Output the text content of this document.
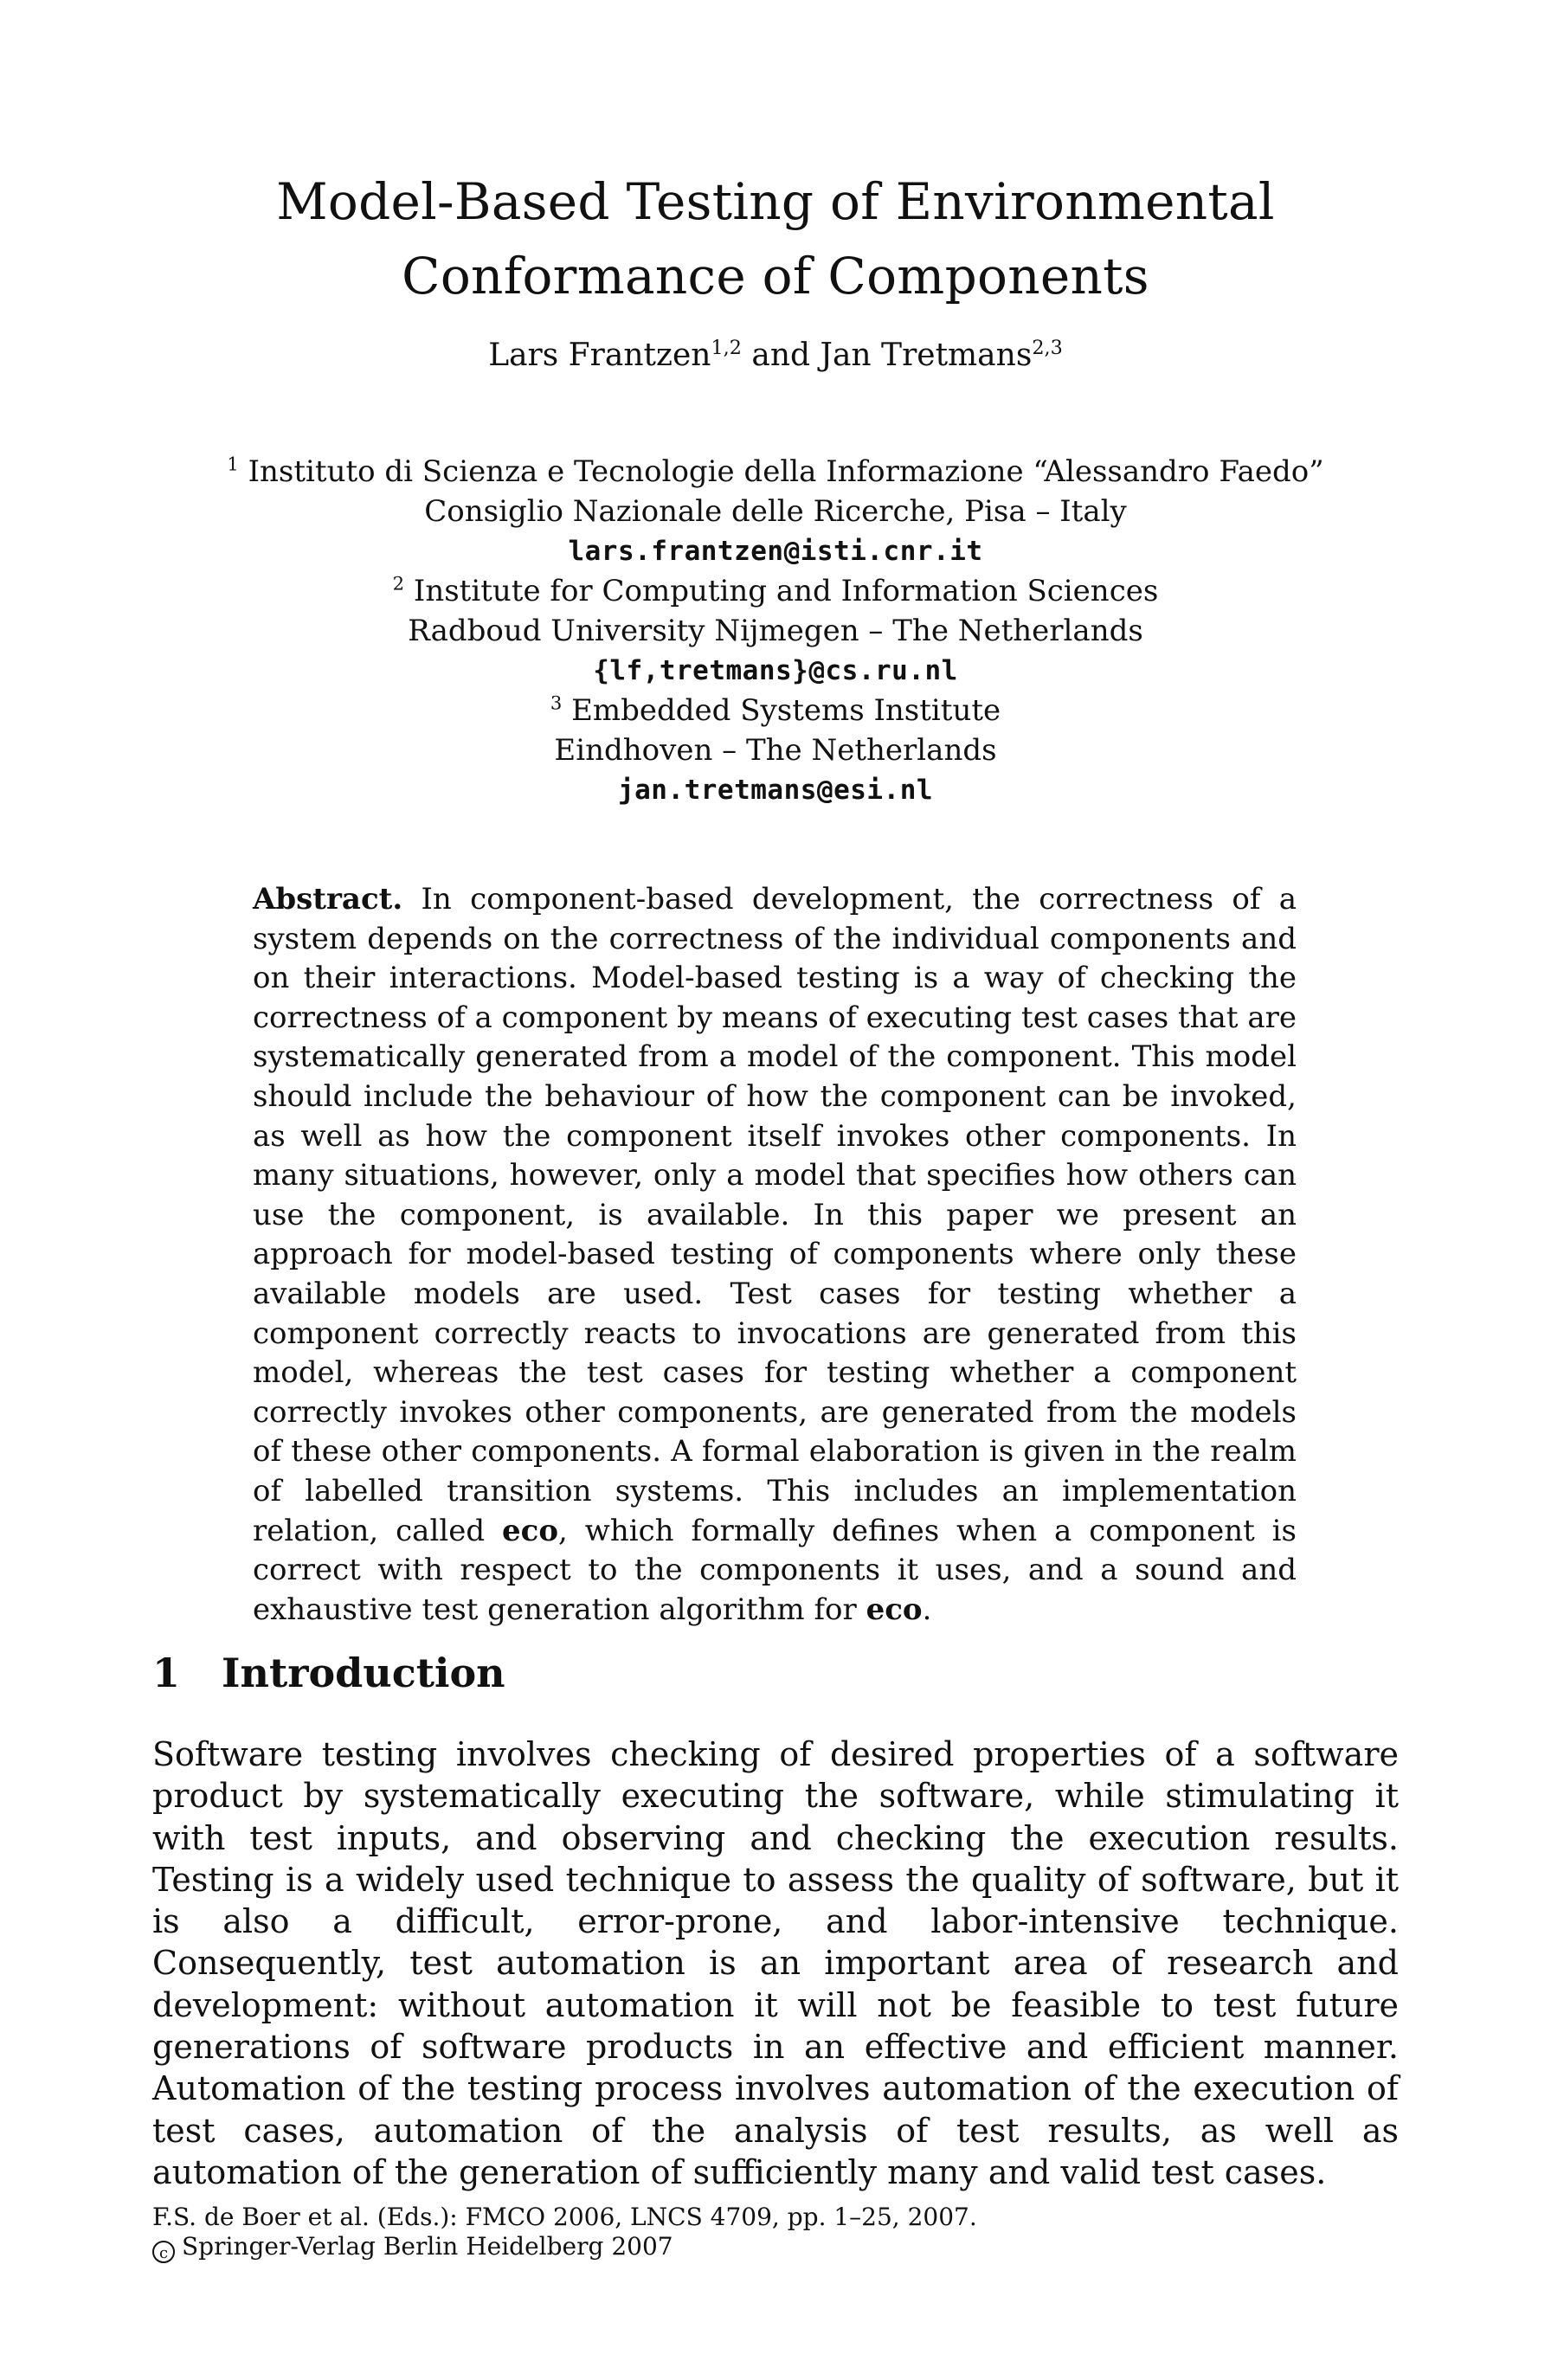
Model-Based Testing of Environmental
Conformance of Components
Lars Frantzen$^{1,2}$ and Jan Tretmans$^{2,3}$
$^1$ Instituto di Scienza e Tecnologie della Informazione “Alessandro Faedo”
Consiglio Nazionale delle Ricerche, Pisa – Italy
lars.frantzen@isti.cnr.it
$^2$ Institute for Computing and Information Sciences
Radboud University Nijmegen – The Netherlands
{lf,tretmans}@cs.ru.nl
$^3$ Embedded Systems Institute
Eindhoven – The Netherlands
jan.tretmans@esi.nl

Abstract. In component-based development, the correctness of a system depends on the correctness of the individual components and on their interactions. Model-based testing is a way of checking the correctness of a component by means of executing test cases that are systematically generated from a model of the component. This model should include the behaviour of how the component can be invoked, as well as how the component itself invokes other components. In many situations, however, only a model that specifies how others can use the component, is available. In this paper we present an approach for model-based testing of components where only these available models are used. Test cases for testing whether a component correctly reacts to invocations are generated from this model, whereas the test cases for testing whether a component correctly invokes other components, are generated from the models of these other components. A formal elaboration is given in the realm of labelled transition systems. This includes an implementation relation, called eco, which formally defines when a component is correct with respect to the components it uses, and a sound and exhaustive test generation algorithm for eco.

1 Introduction

Software testing involves checking of desired properties of a software product by systematically executing the software, while stimulating it with test inputs, and observing and checking the execution results. Testing is a widely used technique to assess the quality of software, but it is also a difficult, error-prone, and labor-intensive technique. Consequently, test automation is an important area of research and development: without automation it will not be feasible to test future generations of software products in an effective and efficient manner. Automation of the testing process involves automation of the execution of test cases, automation of the analysis of test results, as well as automation of the generation of sufficiently many and valid test cases.

F.S. de Boer et al. (Eds.): FMCO 2006, LNCS 4709, pp. 1–25, 2007.
c Springer-Verlag Berlin Heidelberg 2007
